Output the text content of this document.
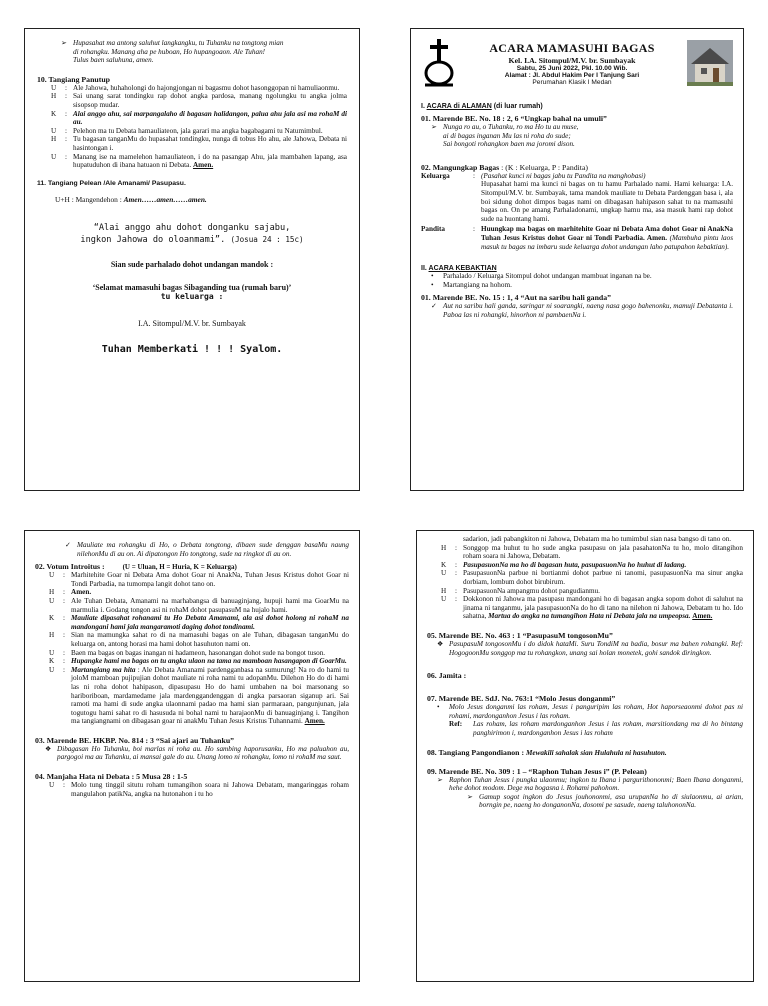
➢ Hupasahat ma antong saluhut langkangku, tu Tuhanku na tongtong mian
di rohangku. Manang aha pe huboan, Ho hupangoaon. Ale Tuhan!
Tulus baen saluhuna, amen.
10. Tangiang Panutup
U	: Ale Jahowa, huhaholongi do hajongjongan ni bagasmu dohot hasonggopan ni hamuliaonmu.
H	: Sai unang sarat tondingku rap dohot angka pardosa, manang ngolungku tu angka jolma sisopsop mudar.
K	: Alai anggo ahu, sai marpangalaho di bagasan halidangon, palua ahu jala asi ma rohaM di au.
U	: Pelehon ma tu Debata hamauliateon, jala garari ma angka bagabagami tu Natumimbul.
H	: Tu bagasan tanganMu do hupasahat tondingku, nunga di tobus Ho ahu, ale Jahowa, Debata ni hasintongan i.
U	: Manang ise na mamelehon hamauliateon, i do na pasangap Ahu, jala mambahen lapang, asa hupatuduhon di ibana hatuaon ni Debata. Amen.
11. Tangiang Pelean /Ale Amanami/ Pasupasu.
U+H : Mangendehon : Amen……amen……amen.
“Alai anggo ahu dohot donganku sajabu,
ingkon Jahowa do oloanmami”. (Josua 24 : 15c)
Sian sude parhalado dohot undangan mandok :
‘Selamat mamasuhi bagas Sibaganding tua (rumah baru)’
tu keluarga :
I.A. Sitompul/M.V. br. Sumbayak
Tuhan Memberkati ! ! ! Syalom.
ACARA MAMASUHI BAGAS
Kel. I.A. Sitompul/M.V. br. Sumbayak
Sabtu, 25 Juni 2022, Pkl. 10.00 Wib.
Alamat : Jl. Abdul Hakim Per I Tanjung Sari
Perumahan Klasik I Medan
I. ACARA di ALAMAN (di luar rumah)
01. Marende BE. No. 18 : 2, 6 “Ungkap bahal na umuli”
➢ Nunga ro au, o Tuhanku, ro ma Ho tu au muse,
ai di bagas inganan Mu las ni roha do sude;
Sai bongoti rohangkon baen ma joromi dison.
02. Mangungkap Bagas : (K : Keluarga, P : Pandita)
Keluarga	: (Pasahat kunci ni bagas jabu tu Pandita na manghobasi)
Hupasahat hami ma kunci ni bagas on tu hamu Parhalado nami. Hami keluarga: I.A. Sitompul/M.V. br. Sumbayak, tama mandok mauliate tu Debata Pardenggan basa i, ala boi sidung dohot dimpos bagas nami on dibagasan hahipason sahat tu na mamasuhi bagas on. On pe amang Parhaladonami, ungkap hamu ma, asa masuk hami rap dohot sude na huontang hami.
Pandita	: Huungkap ma bagas on marhitehite Goar ni Debata Ama dohot Goar ni AnakNa Tuhan Jesus Kristus dohot Goar ni Tondi Parbadia. Amen. (Mambuha pintu laos masuk tu bagas na imbaru sude keluarga dohot undangan laho patupahon kebaktian).
II. ACARA KEBAKTIAN
•	Parhalado / Keluarga Sitompul dohot undangan mambuat inganan na be.
•	Martangiang na hohom.
01. Marende BE. No. 15 : 1, 4 “Aut na saribu hali ganda”
✓ Aut na saribu hali ganda, saringar ni soarangki, naeng nasa gogo bahenonku, mamuji Debatanta i. Paboa las ni rohangki, hinorhon ni pambaenNa i.
✓ Mauliate ma rohangku di Ho, o Debata tongtong, dibaen sude denggan basaMu naung nilehonMu di au on. Ai dipatongon Ho tongtong, sude na ringkot di au on.
02. Votum Introitus :	(U = Uluan, H = Huria, K = Keluarga)
U	: Marhitehite Goar ni Debata Ama dohot Goar ni AnakNa, Tuhan Jesus Kristus dohot Goar ni Tondi Parbadia, na tumompa langit dohot tano on.
H	: Amen.
U	: Ale Tuhan Debata, Amanami na marhabangsa di banuaginjang, hupuji hami ma GoarMu na marmulia i. Godang tongon asi ni rohaM dohot pasupasuM na hujalo hami.
K	: Mauliate dipasahat rohanami tu Ho Debata Amanami, ala asi dohot holong ni rohaM na mandongani hami jala mangaramoti daging dohot tondinami.
H	: Sian na mamungka sahat ro di na mamasuhi bagas on ale Tuhan, dibagasan tanganMu do keluarga on, antong horasi ma hami dohot hasuhuton nami on.
U	: Baen ma bagas on bagas inangan ni hadameon, hasonangan dohot sude na bongot tuson.
K	: Hupangke hami ma bagas on tu angka ulaon na tama na mamboan hasangapon di GoarMu.
U	: Martangiang ma hita : Ale Debata Amanami pardengganbasa na sumurung! Na ro do hami tu joloM mamboan pujipujian dohot mauliate ni roha nami tu adopanMu. Dilehon Ho do di hami las ni roha dohot hahipason, dipasupasu Ho do hami umbahen na boi marsonang so hariboriboan, mardamedame jala mardenggandenggan di angka parsaoran siganup ari. Sai ramoti ma hami di sude angka ulaonnami padao ma hami sian parmaraan, pangunjunan, jala togutogu hami sahat ro di hasusuda ni bohal nami tu harajaonMu di banuaginjang i. Tangihon ma tangiangnami on dibagasan goar ni anakMu Tuhan Jesus Kristus Tuhannami. Amen.
03. Marende BE. HKBP. No. 814 : 3 “Sai ajari au Tuhanku”
❖ Dibagasan Ho Tuhanku, boi marlas ni roha au. Ho sambing haporusanku, Ho ma paluahon au, pargogoi ma au Tuhanku, ai mansai gale do au. Unang lomo ni rohangku, lomo ni rohaM ma saut.
04. Manjaha Hata ni Debata : 5 Musa 28 : 1-5
U	: Molo tung tinggil situtu roham tumangihon soara ni Jahowa Debatam, mangaringgas roham mangulahon patikNa, angka na hutonahon i tu ho
sadarion, jadi pabangkiton ni Jahowa, Debatam ma ho tumimbul sian nasa bangso di tano on.
H	: Songgop ma huhut tu ho sude angka pasupasu on jala pasahatonNa tu ho, molo ditangihon roham soara ni Jahowa, Debatam.
K	: PasupasuonNa ma ho di bagasan huta, pasupasuonNa ho huhut di ladang.
U	: PasupasuonNa parbue ni bortianmi dohot parbue ni tanomi, pasupasuonNa ma sinur angka dorbiam, lombum dohot birubirum.
H	: PasupasuonNa ampangmu dohot pangudianmu.
U	: Dokkonon ni Jahowa ma pasupasu mandongani ho di bagasan angka sopom dohot di saluhut na jinama ni tanganmu, jala pasupasuonNa do ho di tano na nilehon ni Jahowa, Debatam tu ho. Ido sahatna, Martua do angka na tumangihon Hata ni Debata jala na umpeopsa. Amen.
05. Marende BE. No. 463 : 1 “PasupasuM tongosonMu”
❖ PasupasuM tongosonMu i do didok hataMi. Suru TondiM na badia, bosur ma bahen rohangki. Ref: HogogoonMu songgop ma tu rohangkon, unang sai holan monetek, gohi sandok diringkon.
06. Jamita :
07. Marende BE. SdJ. No. 763:1 “Molo Jesus donganmi”
•	Molo Jesus donganmi las roham, Jesus i panguripim las roham, Hot haporseaonmi dohot pas ni rohami, mardonganhon Jesus i las roham.
Ref:	Las roham, las roham mardonganhon Jesus i las roham, marsitiondang ma di ho bintang panghirimon i, mardonganhon Jesus i las roham
08. Tangiang Pangondianon : Mewakili sahalak sian Hulahula ni hasuhuton.
09. Marende BE. No. 309 : 1 – “Raphon Tuhan Jesus i” (P. Pelean)
➢ Raphon Tuhan Jesus i pungka ulaonmu; ingkon tu Ibana i pargurithononmi; Baen Ibana donganmi, hehe dohot modom. Dege ma bogasna i. Rohami pahohom.
➢ Gamup sogot ingkon do Jesus jouhononmi, asa urupanNa ho di siulaonmu, ai arian, borngin pe, naeng ho donganonNa, dosomi pe sasude, naeng taluhononNa.
